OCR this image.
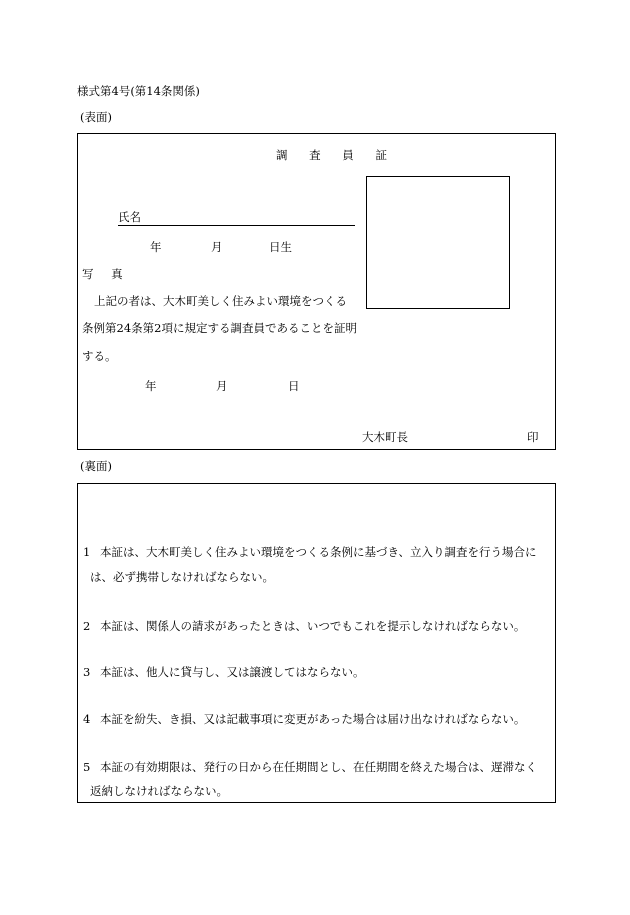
様式第4号(第14条関係)
(表面)
調 査 員 証
氏名
年	月	日生
写 真
上記の者は、大木町美しく住みよい環境をつくる
条例第24条第2項に規定する調査員であることを証明
する。
年	月	日
大木町長	印
(裏面)
1 本証は、大木町美しく住みよい環境をつくる条例に基づき、立入り調査を行う場合に
は、必ず携帯しなければならない。
2 本証は、関係人の請求があったときは、いつでもこれを提示しなければならない。
3 本証は、他人に貸与し、又は譲渡してはならない。
4 本証を紛失、き損、又は記載事項に変更があった場合は届け出なければならない。
5 本証の有効期限は、発行の日から在任期間とし、在任期間を終えた場合は、遅滞なく
返納しなければならない。
